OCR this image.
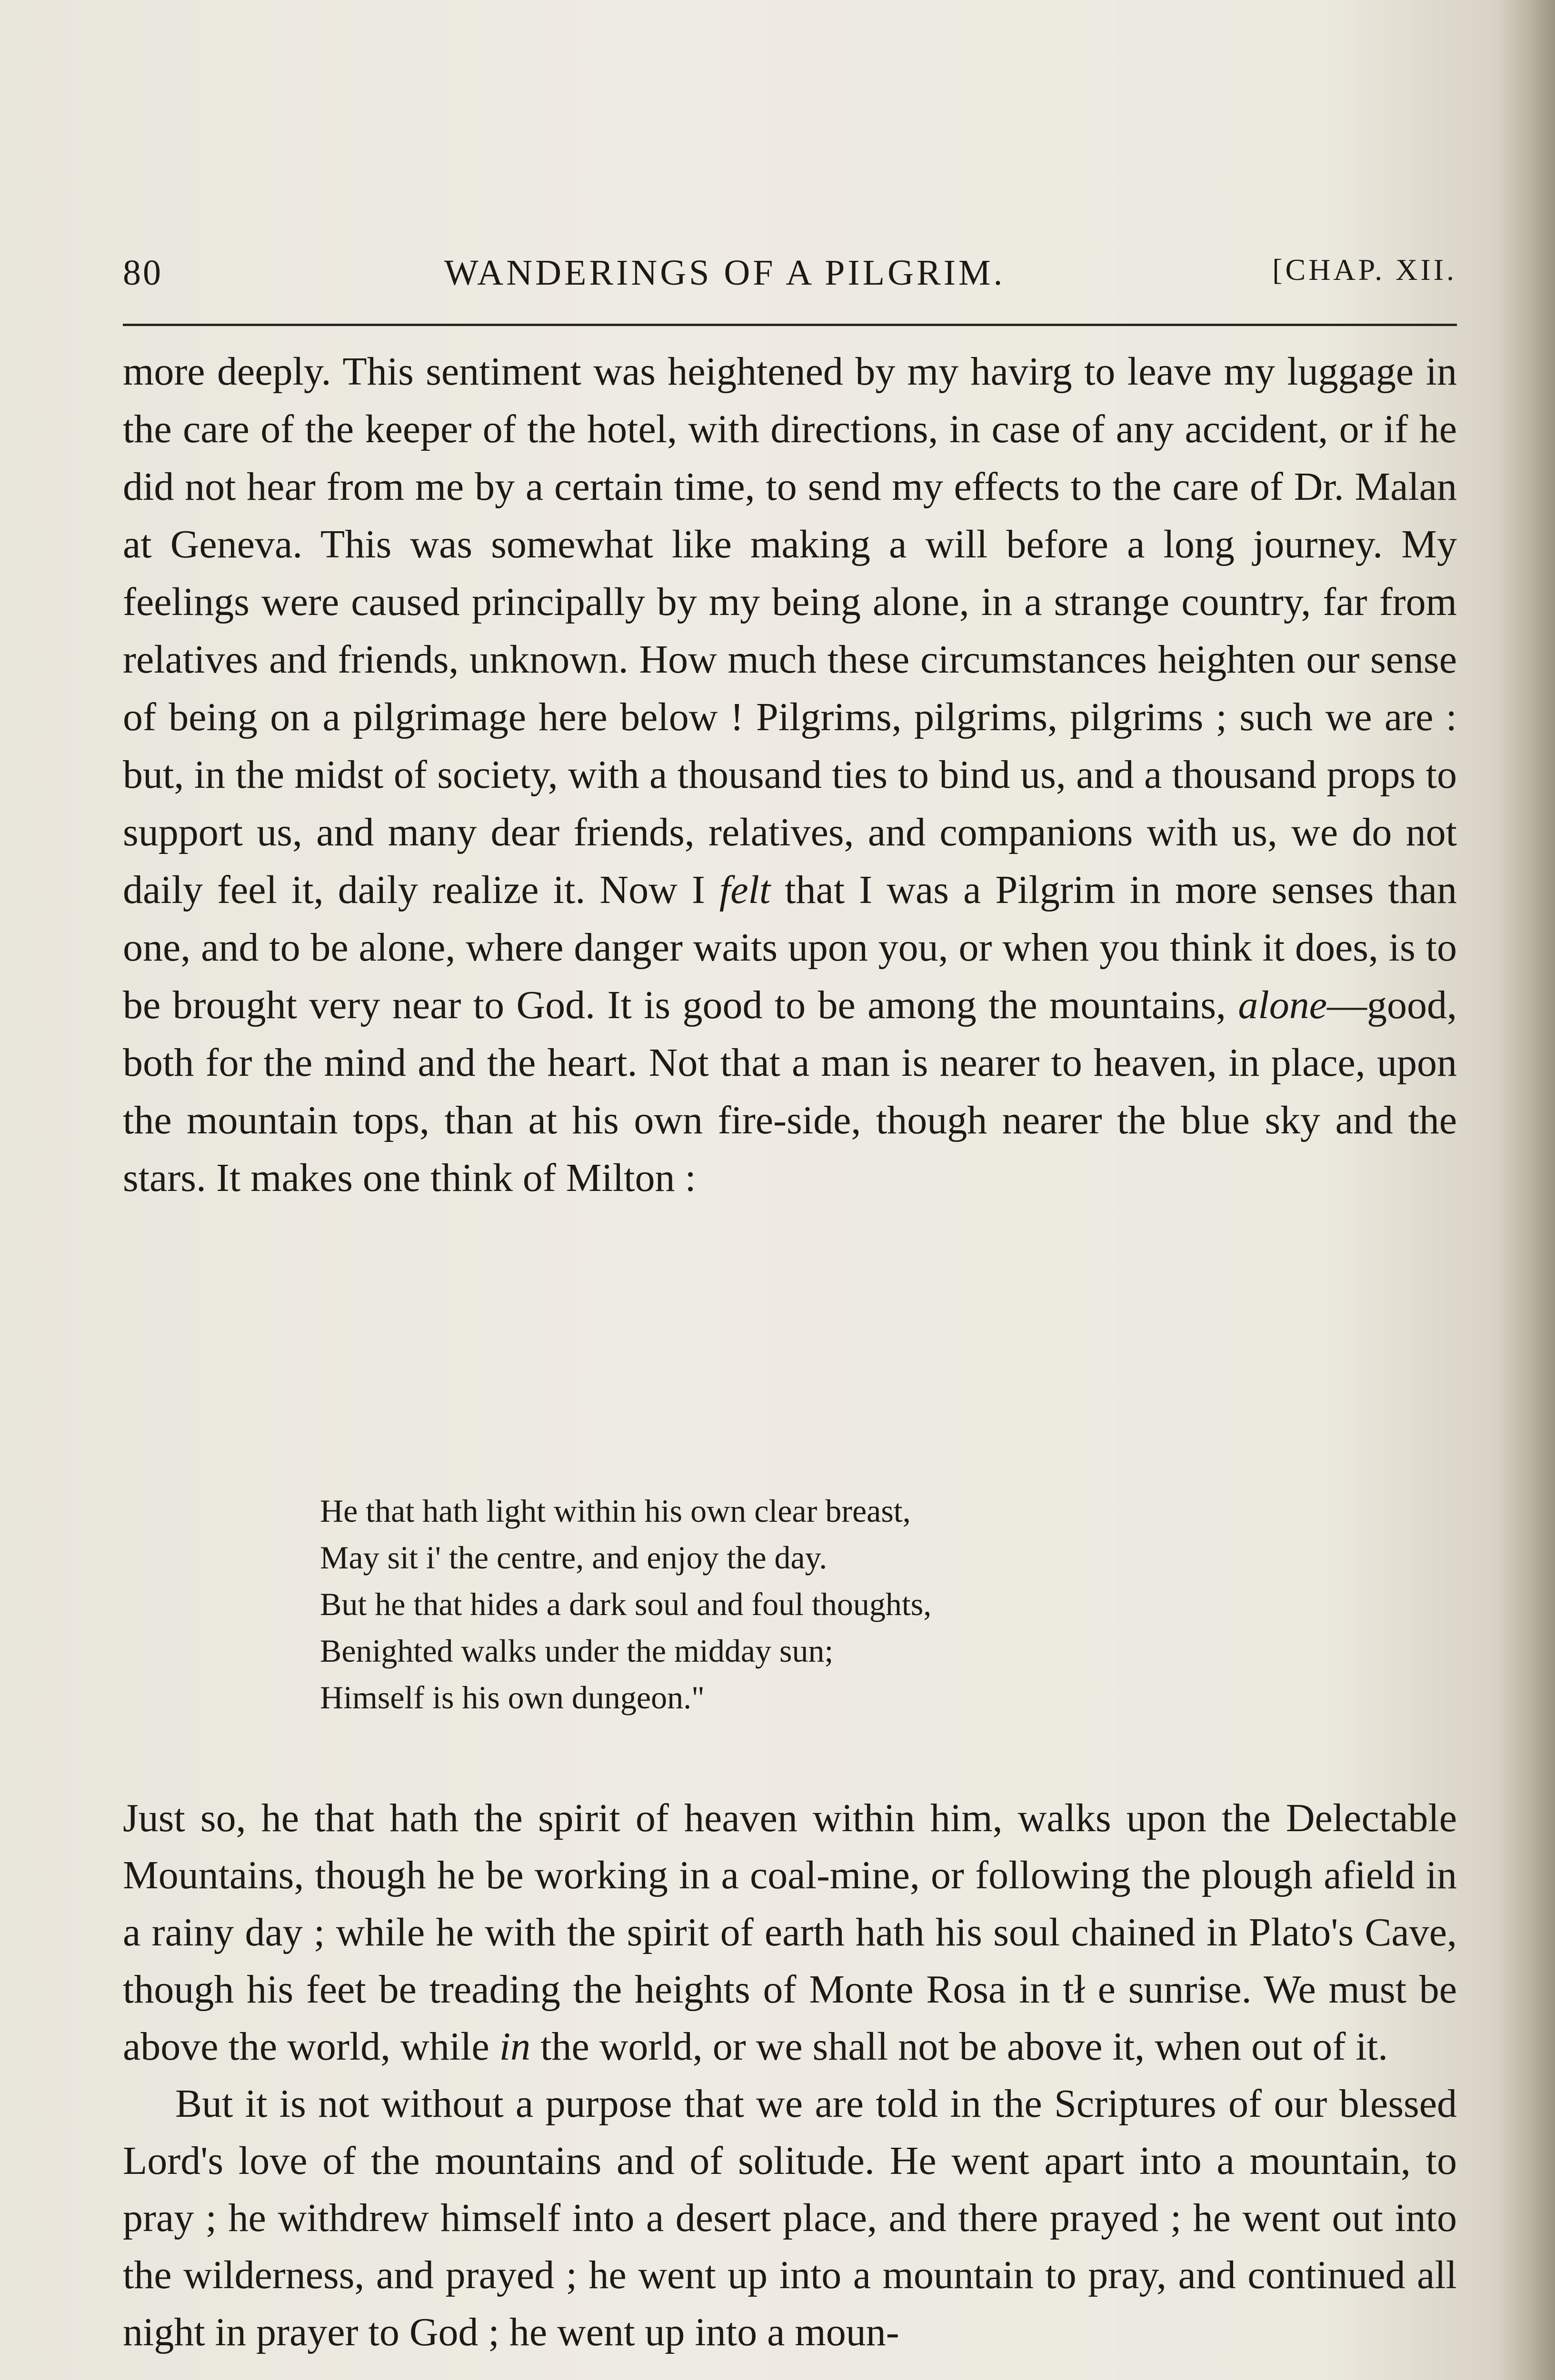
80	WANDERINGS OF A PILGRIM.	[CHAP. XII.

more deeply. This sentiment was heightened by my havirg to leave my luggage in the care of the keeper of the hotel, with directions, in case of any accident, or if he did not hear from me by a certain time, to send my effects to the care of Dr. Malan at Geneva. This was somewhat like making a will before a long journey. My feelings were caused principally by my being alone, in a strange country, far from relatives and friends, unknown. How much these circumstances heighten our sense of being on a pilgrimage here below ! Pilgrims, pilgrims, pilgrims ; such we are : but, in the midst of society, with a thousand ties to bind us, and a thousand props to support us, and many dear friends, relatives, and companions with us, we do not daily feel it, daily realize it. Now I felt that I was a Pilgrim in more senses than one, and to be alone, where danger waits upon you, or when you think it does, is to be brought very near to God. It is good to be among the mountains, alone—good, both for the mind and the heart. Not that a man is nearer to heaven, in place, upon the mountain tops, than at his own fire-side, though nearer the blue sky and the stars. It makes one think of Milton :

He that hath light within his own clear breast,
May sit i' the centre, and enjoy the day.
But he that hides a dark soul and foul thoughts,
Benighted walks under the midday sun;
Himself is his own dungeon."

Just so, he that hath the spirit of heaven within him, walks upon the Delectable Mountains, though he be working in a coal-mine, or following the plough afield in a rainy day ; while he with the spirit of earth hath his soul chained in Plato's Cave, though his feet be treading the heights of Monte Rosa in tł e sunrise. We must be above the world, while in the world, or we shall not be above it, when out of it.

But it is not without a purpose that we are told in the Scriptures of our blessed Lord's love of the mountains and of solitude. He went apart into a mountain, to pray ; he withdrew himself into a desert place, and there prayed ; he went out into the wilderness, and prayed ; he went up into a mountain to pray, and continued all night in prayer to God ; he went up into a moun-
